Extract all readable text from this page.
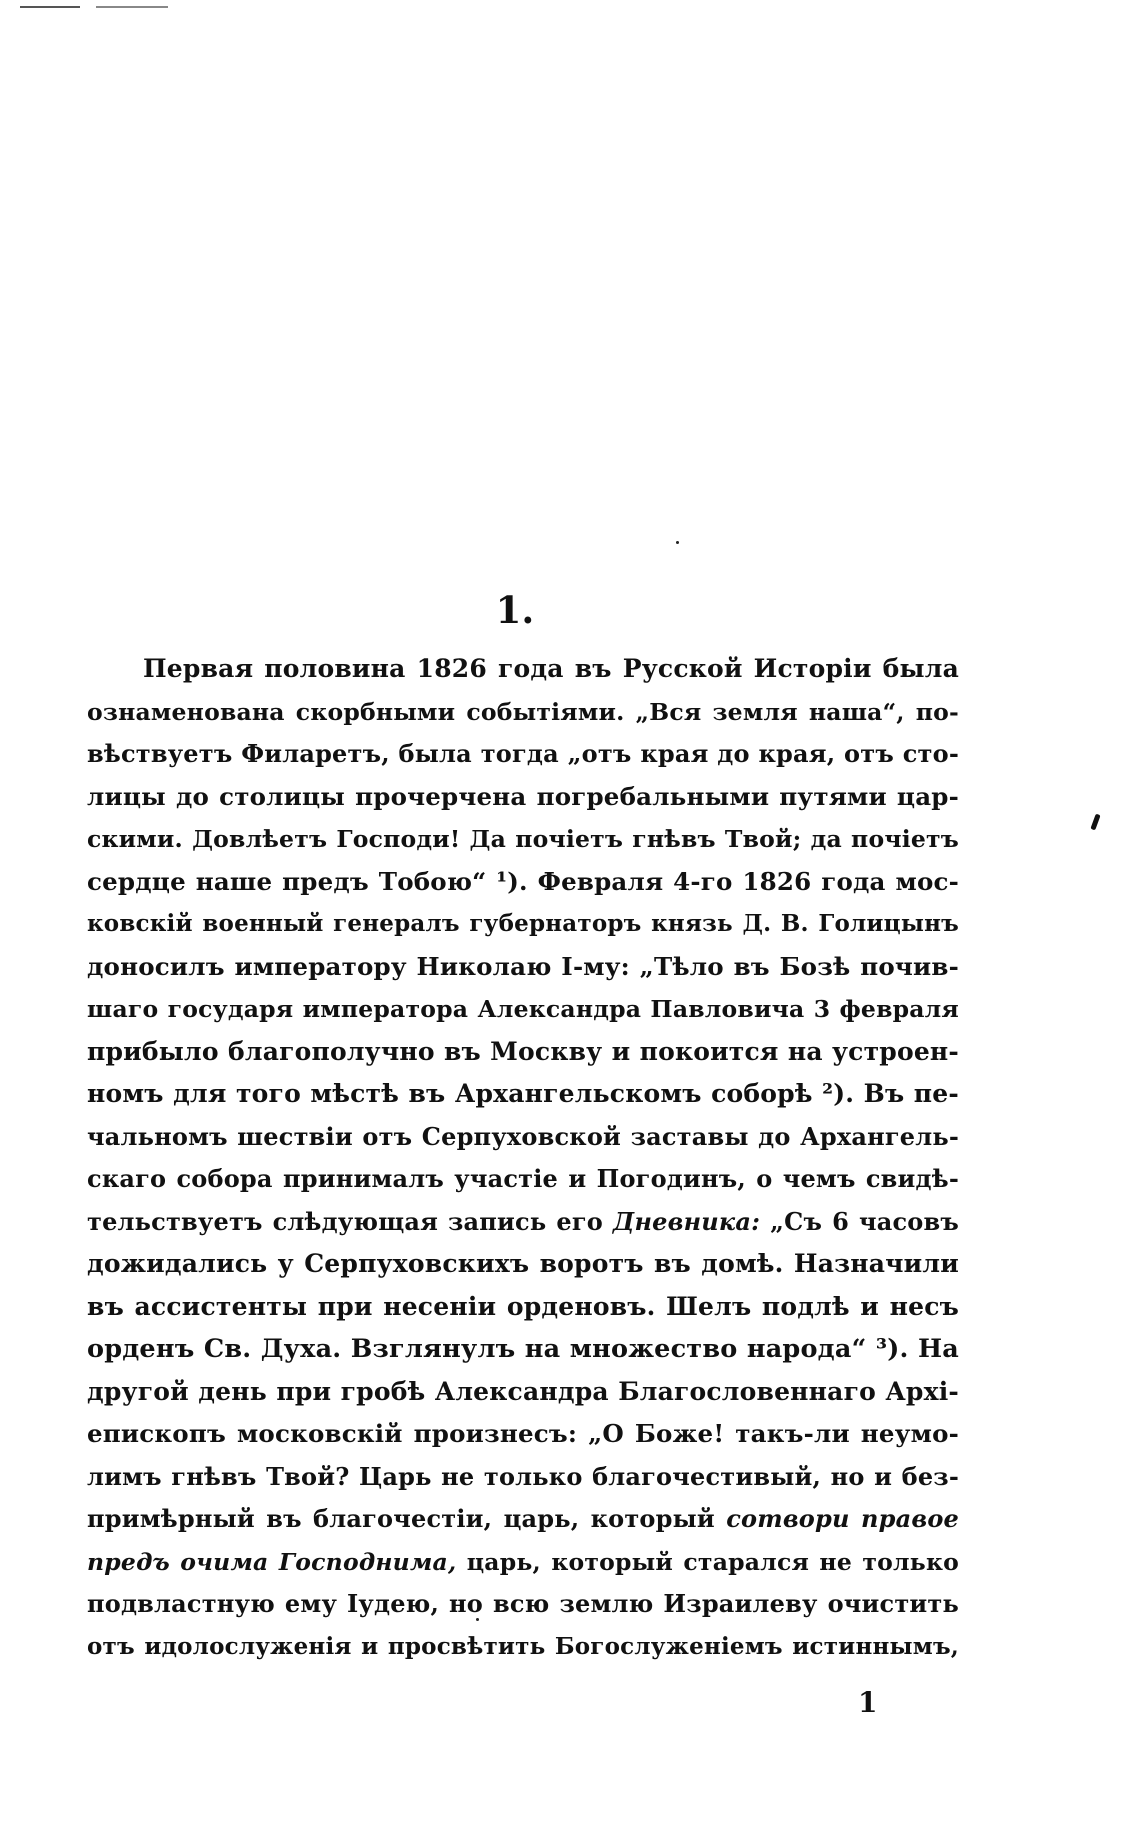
1.
Первая половина 1826 года въ Русской Исторіи была
ознаменована скорбными событіями. „Вся земля наша“, по-
вѣствуетъ Филаретъ, была тогда „отъ края до края, отъ сто-
лицы до столицы прочерчена погребальными путями цар-
скими. Довлѣетъ Господи! Да почіетъ гнѣвъ Твой; да почіетъ
сердце наше предъ Тобою“ ¹). Февраля 4-го 1826 года мос-
ковскій военный генералъ губернаторъ князь Д. В. Голицынъ
доносилъ императору Николаю І-му: „Тѣло въ Бозѣ почив-
шаго государя императора Александра Павловича 3 февраля
прибыло благополучно въ Москву и покоится на устроен-
номъ для того мѣстѣ въ Архангельскомъ соборѣ ²). Въ пе-
чальномъ шествіи отъ Серпуховской заставы до Архангель-
скаго собора принималъ участіе и Погодинъ, о чемъ свидѣ-
тельствуетъ слѣдующая запись его Дневника: „Съ 6 часовъ
дожидались у Серпуховскихъ воротъ въ домѣ. Назначили
въ ассистенты при несеніи орденовъ. Шелъ подлѣ и несъ
орденъ Св. Духа. Взглянулъ на множество народа“ ³). На
другой день при гробѣ Александра Благословеннаго Архі-
епископъ московскій произнесъ: „О Боже! такъ-ли неумо-
лимъ гнѣвъ Твой? Царь не только благочестивый, но и без-
примѣрный въ благочестіи, царь, который сотвори правое
предъ очима Господнима, царь, который старался не только
подвластную ему Іудею, но всю землю Израилеву очистить
отъ идолослуженія и просвѣтить Богослуженіемъ истиннымъ,
1
